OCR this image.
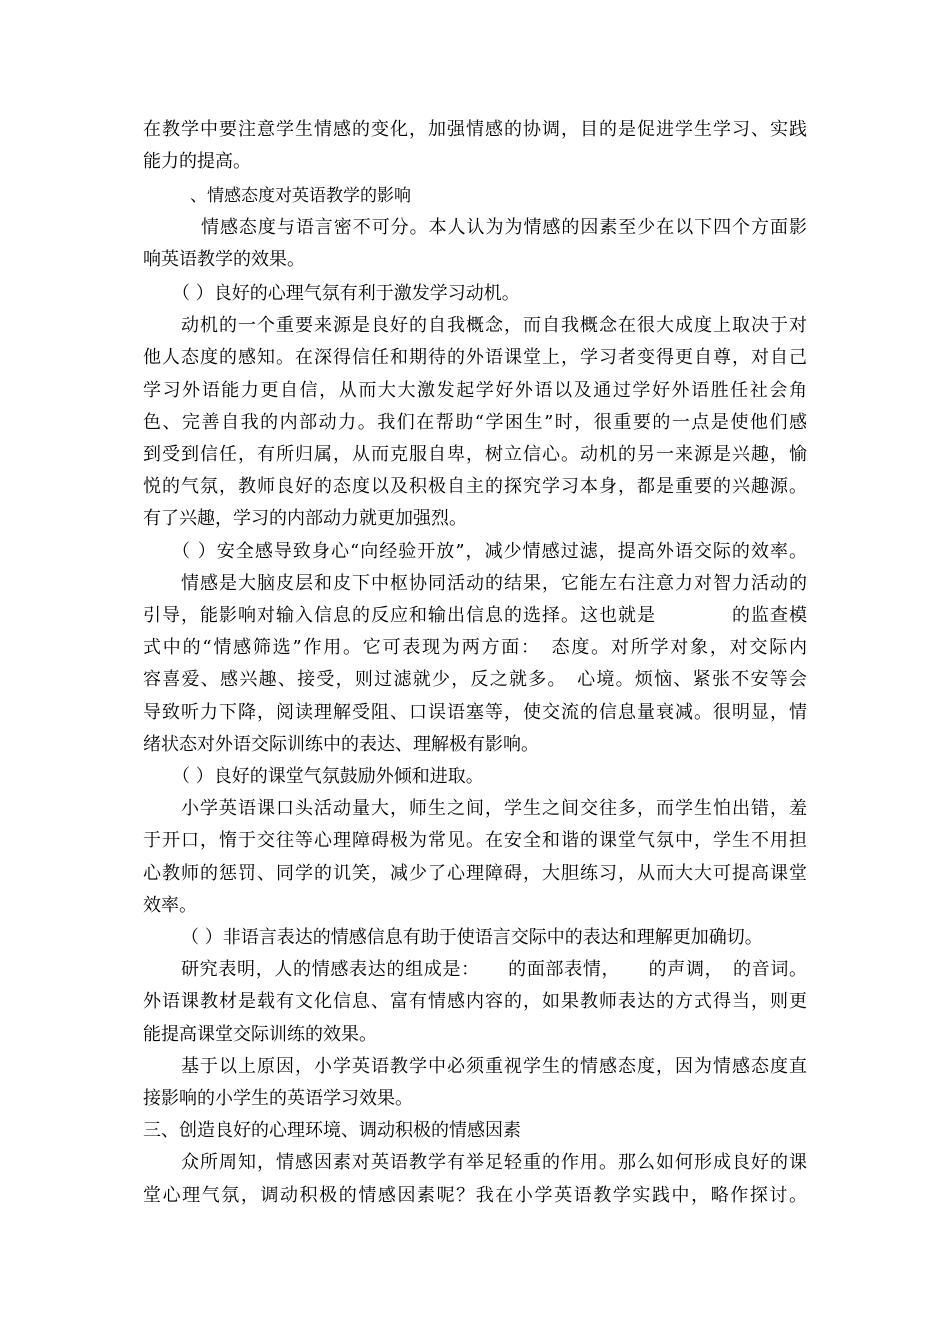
在教学中要注意学生情感的变化，加强情感的协调，目的是促进学生学习、实践
能力的提高。
、情感态度对英语教学的影响
情感态度与语言密不可分。本人认为为情感的因素至少在以下四个方面影
响英语教学的效果。
（ ）良好的心理气氛有利于激发学习动机。
动机的一个重要来源是良好的自我概念，而自我概念在很大成度上取决于对
他人态度的感知。在深得信任和期待的外语课堂上，学习者变得更自尊，对自己
学习外语能力更自信，从而大大激发起学好外语以及通过学好外语胜任社会角
色、完善自我的内部动力。我们在帮助“学困生”时，很重要的一点是使他们感
到受到信任，有所归属，从而克服自卑，树立信心。动机的另一来源是兴趣，愉
悦的气氛，教师良好的态度以及积极自主的探究学习本身，都是重要的兴趣源。
有了兴趣，学习的内部动力就更加强烈。
（ ）安全感导致身心“向经验开放”，减少情感过滤，提高外语交际的效率。
情感是大脑皮层和皮下中枢协同活动的结果，它能左右注意力对智力活动的
引导，能影响对输入信息的反应和输出信息的选择。这也就是　　　　的监查模
式中的“情感筛选”作用。它可表现为两方面：　态度。对所学对象，对交际内
容喜爱、感兴趣、接受，则过滤就少，反之就多。　心境。烦恼、紧张不安等会
导致听力下降，阅读理解受阻、口误语塞等，使交流的信息量衰减。很明显，情
绪状态对外语交际训练中的表达、理解极有影响。
（ ）良好的课堂气氛鼓励外倾和进取。
小学英语课口头活动量大，师生之间，学生之间交往多，而学生怕出错，羞
于开口，惰于交往等心理障碍极为常见。在安全和谐的课堂气氛中，学生不用担
心教师的惩罚、同学的讥笑，减少了心理障碍，大胆练习，从而大大可提高课堂
效率。
（ ）非语言表达的情感信息有助于使语言交际中的表达和理解更加确切。
研究表明，人的情感表达的组成是：　　的面部表情，　　的声调，　的音词。
外语课教材是载有文化信息、富有情感内容的，如果教师表达的方式得当，则更
能提高课堂交际训练的效果。
基于以上原因，小学英语教学中必须重视学生的情感态度，因为情感态度直
接影响的小学生的英语学习效果。
三、创造良好的心理环境、调动积极的情感因素
众所周知，情感因素对英语教学有举足轻重的作用。那么如何形成良好的课
堂心理气氛，调动积极的情感因素呢？我在小学英语教学实践中，略作探讨。
